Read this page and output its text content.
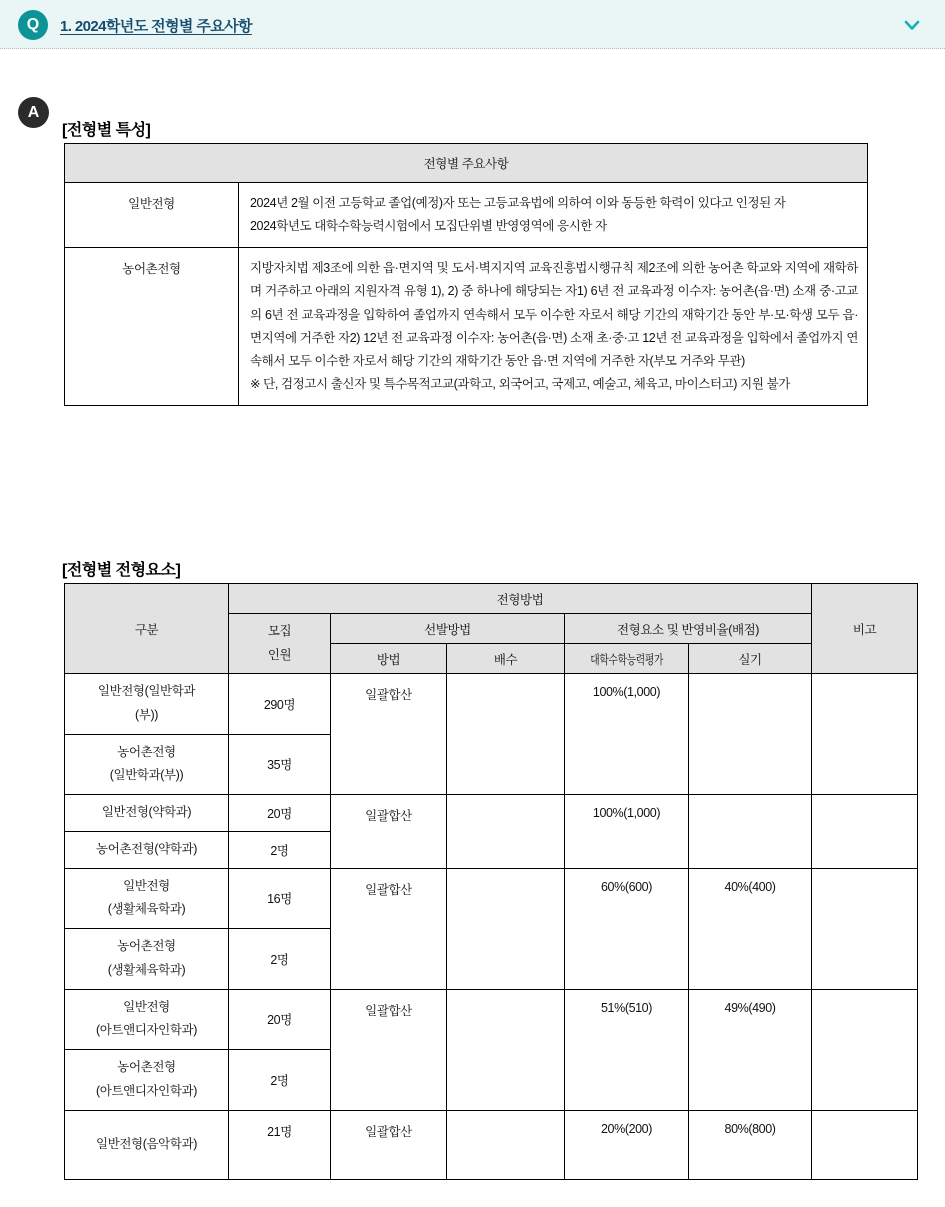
Q	1. 2024학년도 전형별 주요사항
A
[전형별 특성]
전형별 주요사항	
일반전형	2024년 2월 이전 고등학교 졸업(예정)자 또는 고등교육법에 의하여 이와 동등한 학력이 있다고 인정된 자

2024학년도 대학수학능력시험에서 모집단위별 반영영역에 응시한 자

농어촌전형	지방자치법 제3조에 의한 읍·면지역 및 도서·벽지지역 교육진흥법시행규칙 제2조에 의한 농어촌 학교와 지역에 재학하며 거주하고 아래의 지원자격 유형 1), 2) 중 하나에 해당되는 자1) 6년 전 교육과정 이수자: 농어촌(읍·면) 소재 중·고교의 6년 전 교육과정을 입학하여 졸업까지 연속해서 모두 이수한 자로서 해당 기간의 재학기간 동안 부·모·학생 모두 읍·면지역에 거주한 자2) 12년 전 교육과정 이수자: 농어촌(읍·면) 소재 초·중·고 12년 전 교육과정을 입학에서 졸업까지 연속해서 모두 이수한 자로서 해당 기간의 재학기간 동안 읍·면 지역에 거주한 자(부모 거주와 무관)

※ 단, 검정고시 출신자 및 특수목적고교(과학고, 외국어고, 국제고, 예술고, 체육고, 마이스터고) 지원 불가

[전형별 전형요소]
구분	전형방법					비고

	모집
인원	선발방법		전형요소 및 반영비율(배점)		
		방법	배수	대학수학능력평가	실기	

일반전형(일반학과
(부))	290명	일괄합산		100%(1,000)		

농어촌전형
(일반학과(부))	35명					

일반전형(약학과)	20명	일괄합산		100%(1,000)		

농어촌전형(약학과)	2명					

일반전형
(생활체육학과)	16명	일괄합산		60%(600)	40%(400)	

농어촌전형
(생활체육학과)	2명					

일반전형
(아트앤디자인학과)	20명	일괄합산		51%(510)	49%(490)	

농어촌전형
(아트앤디자인학과)	2명					

일반전형(음악학과)	21명	일괄합산		20%(200)	80%(800)	
